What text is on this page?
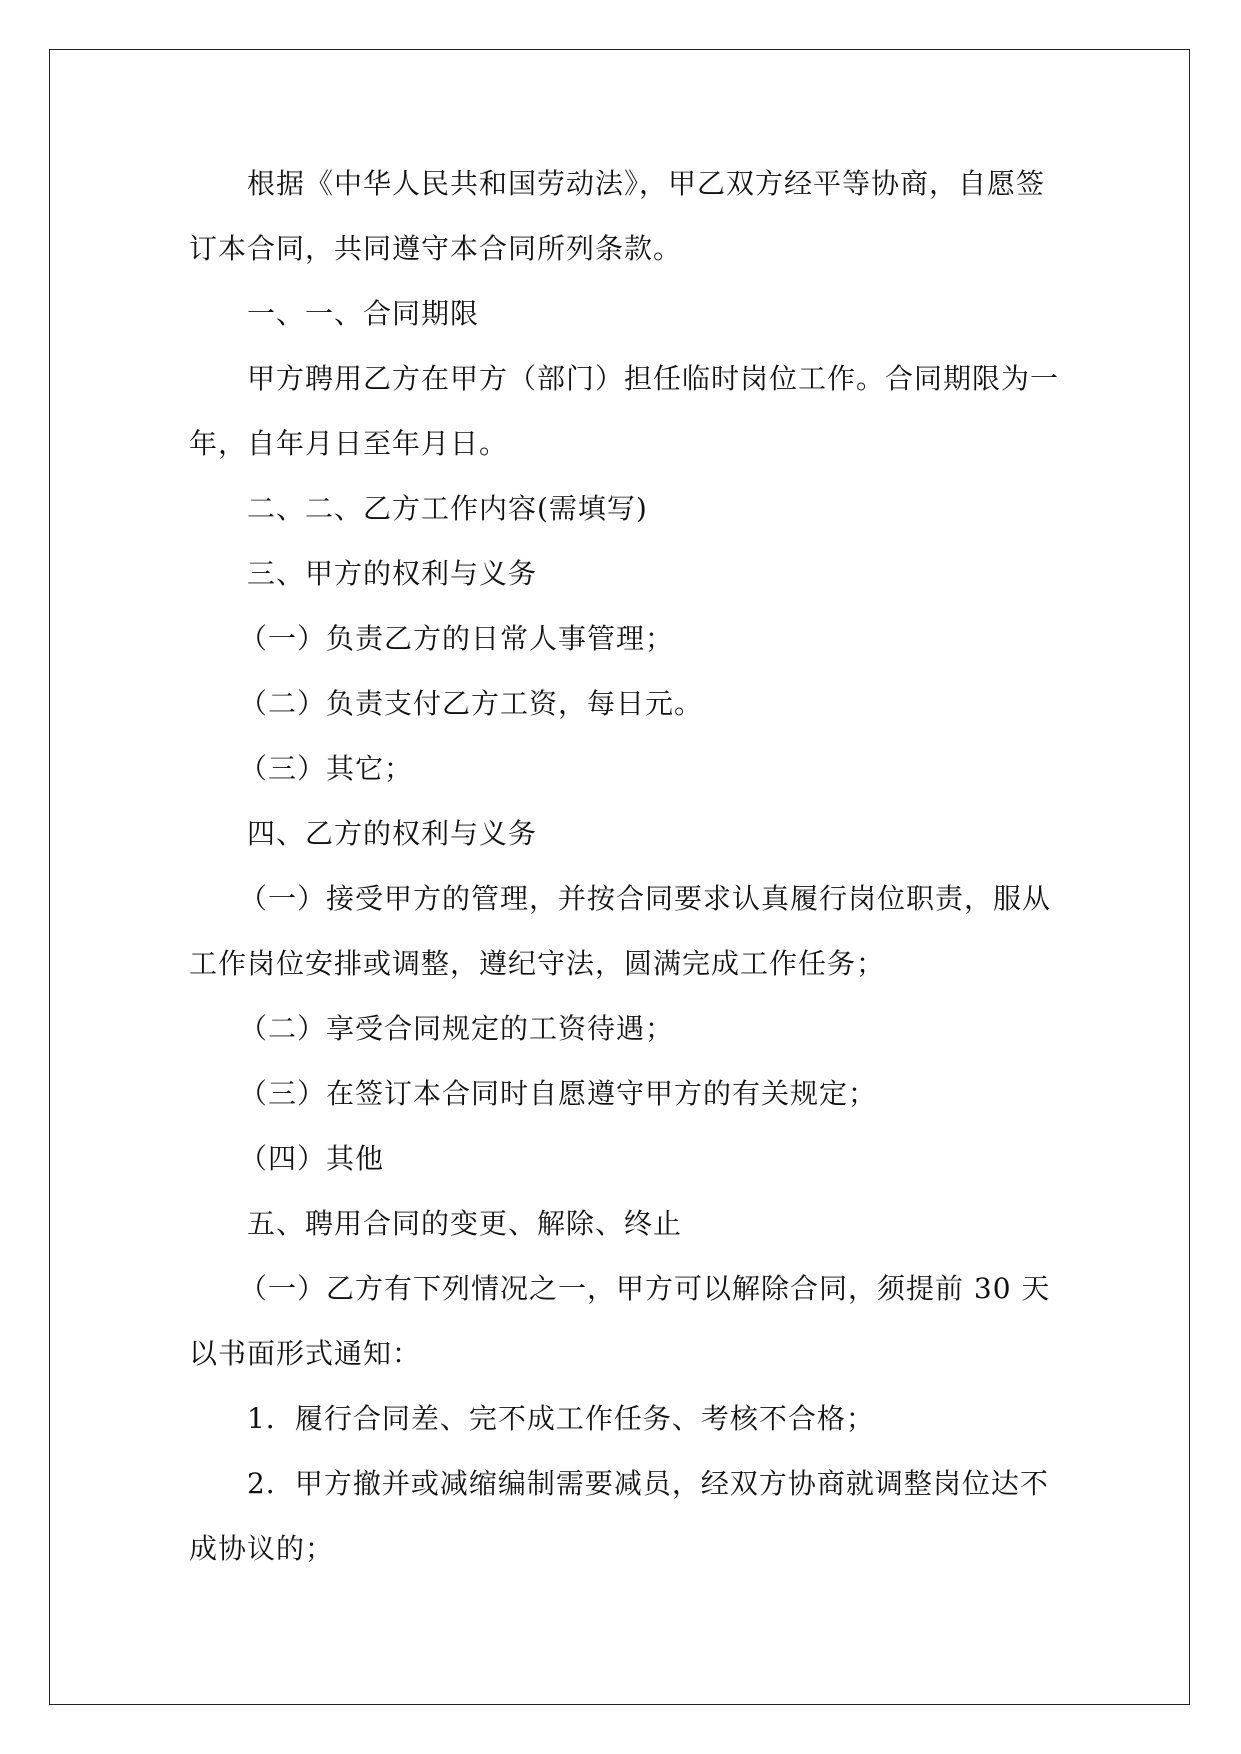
根据《中华人民共和国劳动法》，甲乙双方经平等协商，自愿签
订本合同，共同遵守本合同所列条款。
一、一、合同期限
甲方聘用乙方在甲方（部门）担任临时岗位工作。合同期限为一
年，自年月日至年月日。
二、二、乙方工作内容(需填写)
三、甲方的权利与义务
（一）负责乙方的日常人事管理；
（二）负责支付乙方工资，每日元。
（三）其它；
四、乙方的权利与义务
（一）接受甲方的管理，并按合同要求认真履行岗位职责，服从
工作岗位安排或调整，遵纪守法，圆满完成工作任务；
（二）享受合同规定的工资待遇；
（三）在签订本合同时自愿遵守甲方的有关规定；
（四）其他
五、聘用合同的变更、解除、终止
（一）乙方有下列情况之一，甲方可以解除合同，须提前 30 天
以书面形式通知：
1．履行合同差、完不成工作任务、考核不合格；
2．甲方撤并或减缩编制需要减员，经双方协商就调整岗位达不
成协议的；
